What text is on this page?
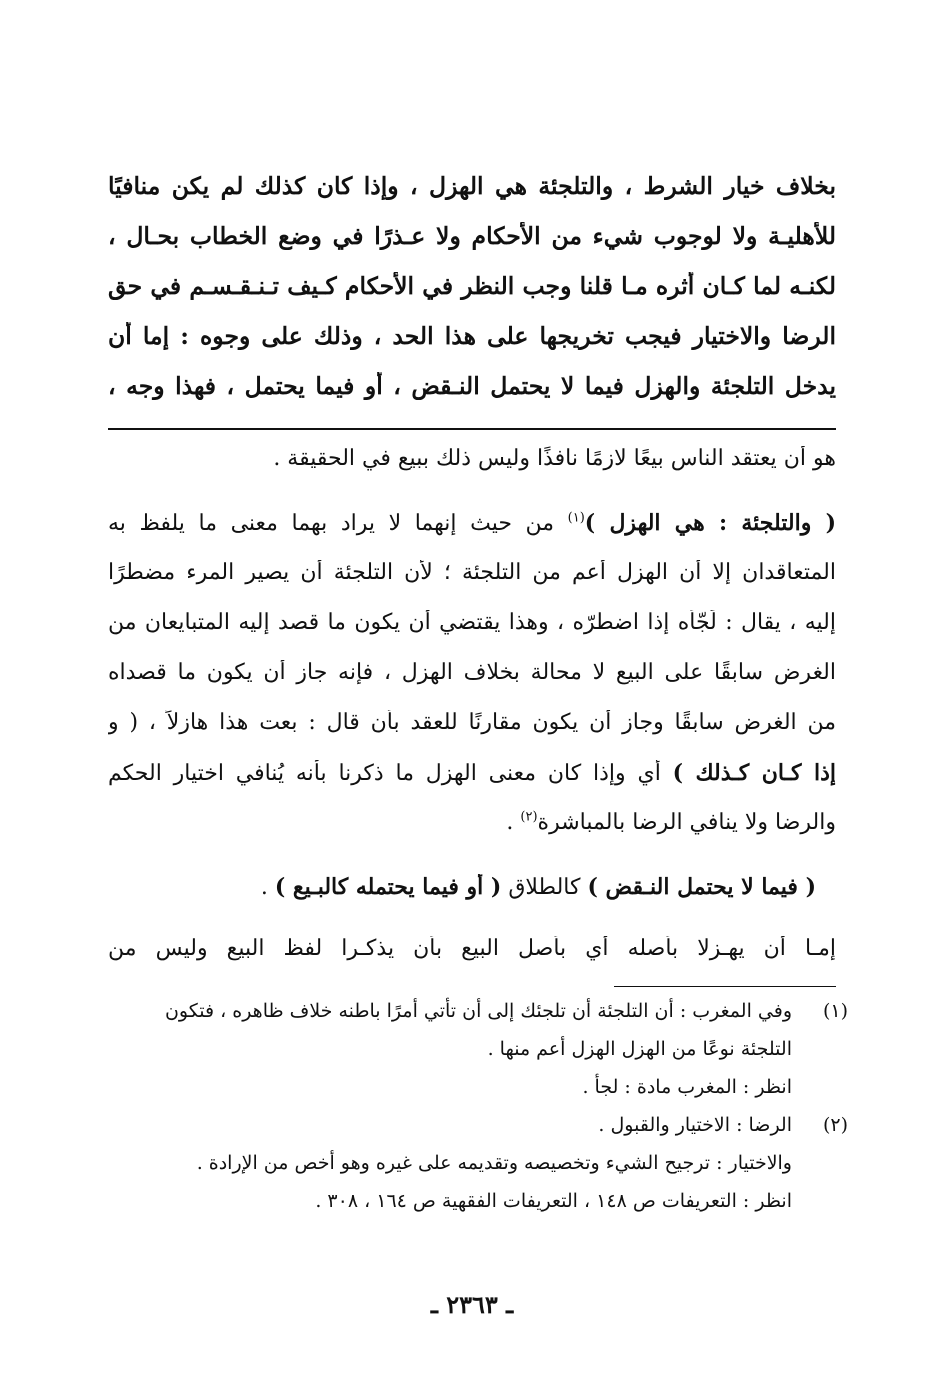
بخلاف خيار الشرط ، والتلجئة هي الهزل ، وإذا كان كذلك لم يكن منافيًا
للأهليـة ولا لوجوب شيء من الأحكام ولا عـذرًا في وضع الخطاب بحـال ،
لكنـه لما كـان أثره مـا قلنا وجب النظر في الأحكام كـيف تـنـقـسـم في حق
الرضا والاختيار فيجب تخريجها على هذا الحد ، وذلك على وجوه : إما أن
يدخل التلجئة والهزل فيما لا يحتمل النـقض ، أو فيما يحتمل ، فهذا وجه ،
هو أن يعتقد الناس بيعًا لازمًا نافذًا وليس ذلك ببيع في الحقيقة .
( والتلجئة : هي الهزل )$^{(١)}$ من حيث إنهما لا يراد بهما معنى ما يلفظ به
المتعاقدان إلا أن الهزل أعم من التلجئة ؛ لأن التلجئة أن يصير المرء مضطرًا
إليه ، يقال : لَجّأه إذا اضطرّه ، وهذا يقتضي أن يكون ما قصد إليه المتبايعان من
الغرض سابقًا على البيع لا محالة بخلاف الهزل ، فإنه جاز أن يكون ما قصداه
من الغرض سابقًا وجاز أن يكون مقارنًا للعقد بأن قال : بعت هذا هازلاً ، ( و
إذا كـان كـذلك ) أي وإذا كان معنى الهزل ما ذكرنا بأنه يُنافي اختيار الحكم
والرضا ولا ينافي الرضا بالمباشرة$^{(٢)}$ .
( فيما لا يحتمل النـقض ) كالطلاق ( أو فيما يحتمله كالبـيع ) .
إمـا أن يهـزلا بأصله أي بأصل البيع بأن يذكـرا لفظ البيع وليس من
(١)
وفي المغرب : أن التلجئة أن تلجئك إلى أن تأتي أمرًا باطنه خلاف ظاهره ، فتكون
التلجئة نوعًا من الهزل الهزل أعم منها .
انظر : المغرب مادة : لجأ .
(٢)
الرضا : الاختيار والقبول .
والاختيار : ترجيح الشيء وتخصيصه وتقديمه على غيره وهو أخص من الإرادة .
انظر : التعريفات ص ١٤٨ ، التعريفات الفقهية ص ١٦٤ ، ٣٠٨ .
ـ ٢٣٦٣ ـ
